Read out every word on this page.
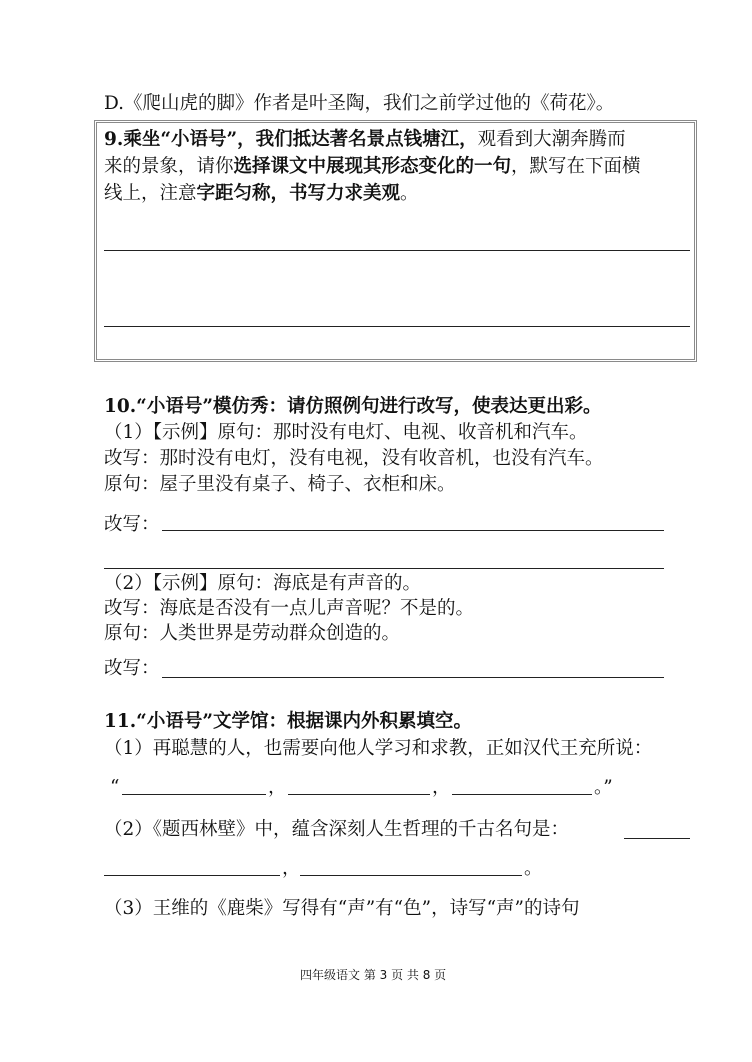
D.《爬山虎的脚》作者是叶圣陶，我们之前学过他的《荷花》。
9.乘坐“小语号”，我们抵达著名景点钱塘江，观看到大潮奔腾而
来的景象，请你选择课文中展现其形态变化的一句，默写在下面横
线上，注意字距匀称，书写力求美观。
10.“小语号”模仿秀：请仿照例句进行改写，使表达更出彩。
（1）【示例】原句：那时没有电灯、电视、收音机和汽车。
改写：那时没有电灯，没有电视，没有收音机，也没有汽车。
原句：屋子里没有桌子、椅子、衣柜和床。
改写：
（2）【示例】原句：海底是有声音的。
改写：海底是否没有一点儿声音呢？不是的。
原句：人类世界是劳动群众创造的。
改写：
11.“小语号”文学馆：根据课内外积累填空。
（1）再聪慧的人，也需要向他人学习和求教，正如汉代王充所说：
“	，	，	。”
（2）《题西林壁》中，蕴含深刻人生哲理的千古名句是：
，	。
（3）王维的《鹿柴》写得有“声”有“色”，诗写“声”的诗句
四年级语文 第 3 页 共 8 页
